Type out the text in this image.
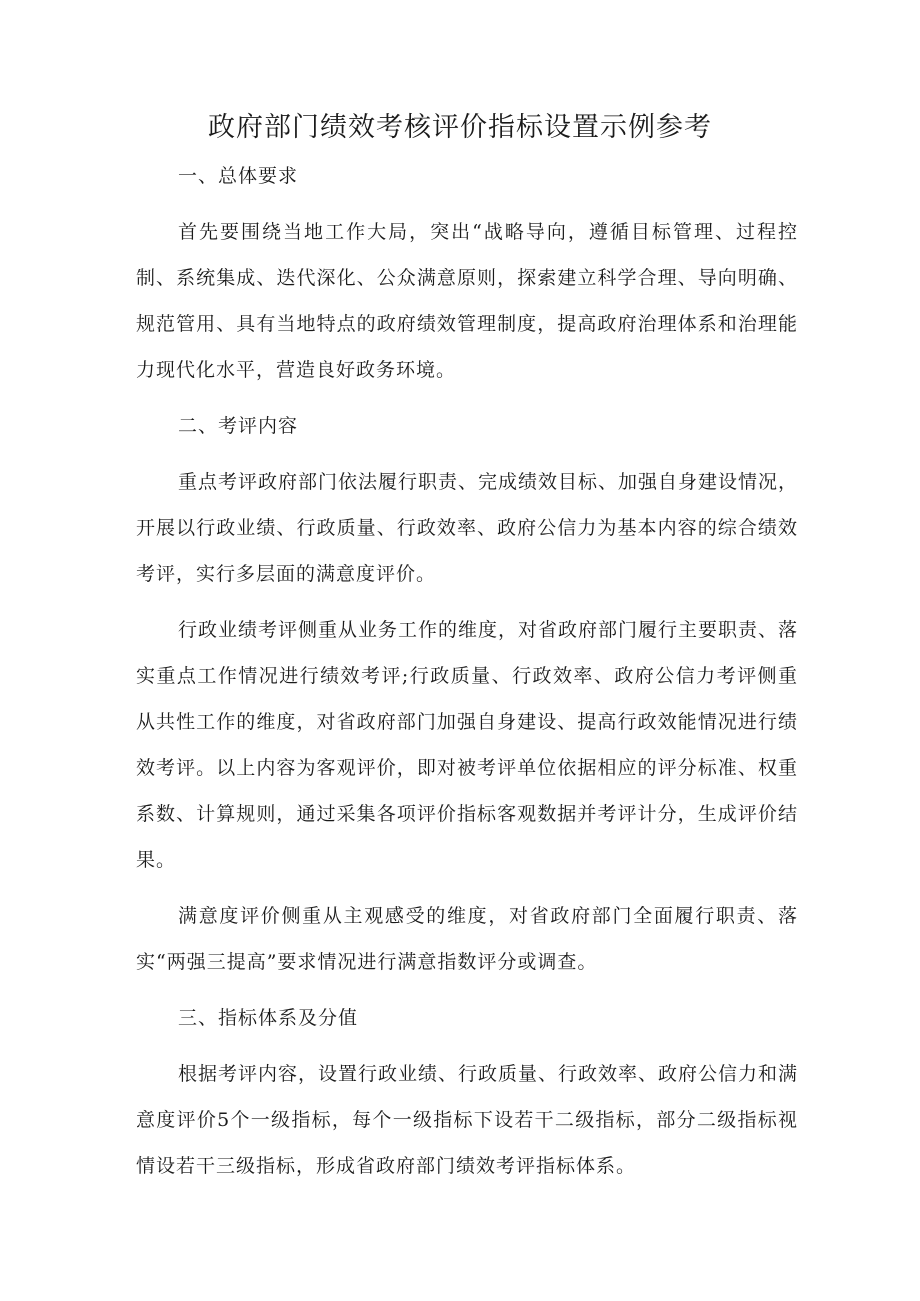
政府部门绩效考核评价指标设置示例参考

一、总体要求

首先要围绕当地工作大局，突出“战略导向，遵循目标管理、过程控制、系统集成、迭代深化、公众满意原则，探索建立科学合理、导向明确、规范管用、具有当地特点的政府绩效管理制度，提高政府治理体系和治理能力现代化水平，营造良好政务环境。

二、考评内容

重点考评政府部门依法履行职责、完成绩效目标、加强自身建设情况，开展以行政业绩、行政质量、行政效率、政府公信力为基本内容的综合绩效考评，实行多层面的满意度评价。

行政业绩考评侧重从业务工作的维度，对省政府部门履行主要职责、落实重点工作情况进行绩效考评;行政质量、行政效率、政府公信力考评侧重从共性工作的维度，对省政府部门加强自身建设、提高行政效能情况进行绩效考评。以上内容为客观评价，即对被考评单位依据相应的评分标准、权重系数、计算规则，通过采集各项评价指标客观数据并考评计分，生成评价结果。

满意度评价侧重从主观感受的维度，对省政府部门全面履行职责、落实“两强三提高”要求情况进行满意指数评分或调查。

三、指标体系及分值

根据考评内容，设置行政业绩、行政质量、行政效率、政府公信力和满意度评价5个一级指标，每个一级指标下设若干二级指标，部分二级指标视情设若干三级指标，形成省政府部门绩效考评指标体系。
